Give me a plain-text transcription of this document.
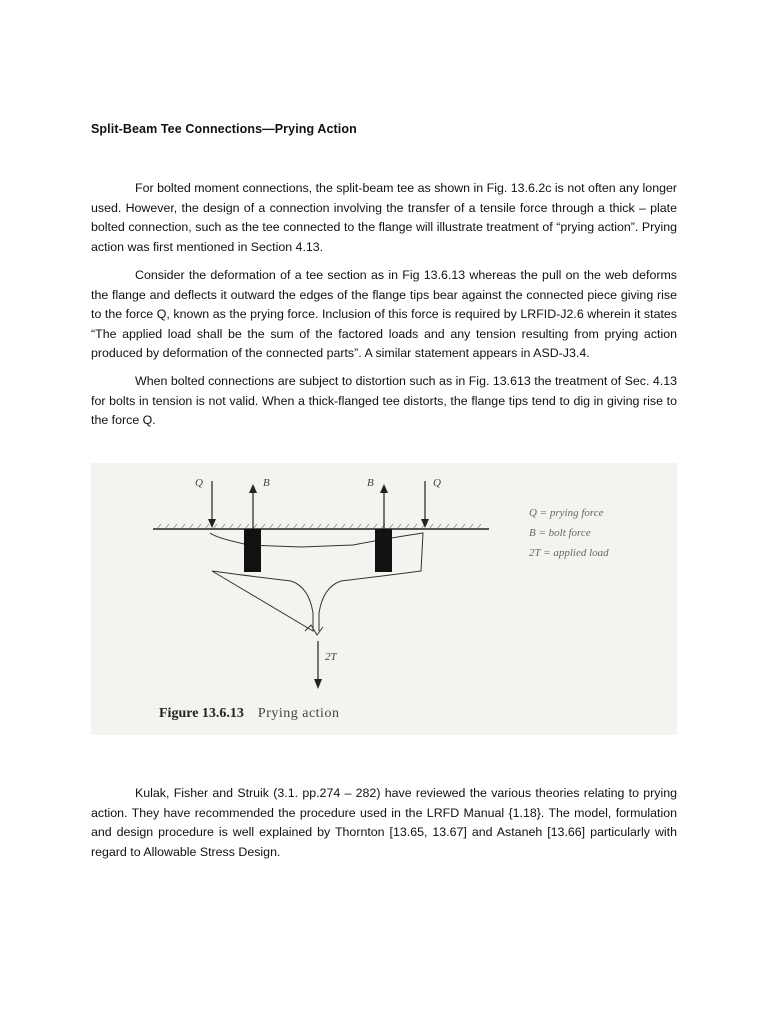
Split-Beam Tee Connections—Prying Action

For bolted moment connections, the split-beam tee as shown in Fig. 13.6.2c is not often any longer used. However, the design of a connection involving the transfer of a tensile force through a thick – plate bolted connection, such as the tee connected to the flange will illustrate treatment of “prying action”. Prying action was first mentioned in Section 4.13.

Consider the deformation of a tee section as in Fig 13.6.13 whereas the pull on the web deforms the flange and deflects it outward the edges of the flange tips bear against the connected piece giving rise to the force Q, known as the prying force. Inclusion of this force is required by LRFID-J2.6 wherein it states “The applied load shall be the sum of the factored loads and any tension resulting from prying action produced by deformation of the connected parts”. A similar statement appears in ASD-J3.4.

When bolted connections are subject to distortion such as in Fig. 13.613 the treatment of Sec. 4.13 for bolts in tension is not valid. When a thick-flanged tee distorts, the flange tips tend to dig in giving rise to the force Q.

Q	B	B	Q
2T
Q = prying force
B = bolt force
2T = applied load
Figure 13.6.13 Prying action

Kulak, Fisher and Struik (3.1. pp.274 – 282) have reviewed the various theories relating to prying action. They have recommended the procedure used in the LRFD Manual {1.18}. The model, formulation and design procedure is well explained by Thornton [13.65, 13.67] and Astaneh [13.66] particularly with regard to Allowable Stress Design.
